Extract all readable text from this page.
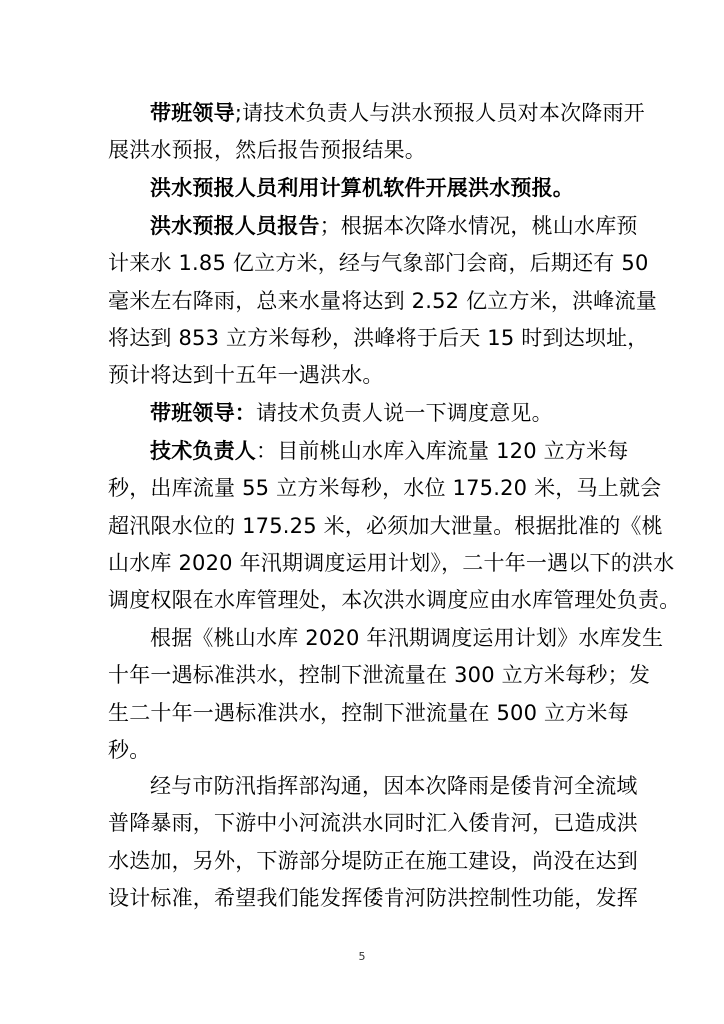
带班领导;请技术负责人与洪水预报人员对本次降雨开
展洪水预报，然后报告预报结果。
洪水预报人员利用计算机软件开展洪水预报。
洪水预报人员报告；根据本次降水情况，桃山水库预
计来水 1.85 亿立方米，经与气象部门会商，后期还有 50
毫米左右降雨，总来水量将达到 2.52 亿立方米，洪峰流量
将达到 853 立方米每秒，洪峰将于后天 15 时到达坝址，
预计将达到十五年一遇洪水。
带班领导：请技术负责人说一下调度意见。
技术负责人：目前桃山水库入库流量 120 立方米每
秒，出库流量 55 立方米每秒，水位 175.20 米，马上就会
超汛限水位的 175.25 米，必须加大泄量。根据批准的《桃
山水库 2020 年汛期调度运用计划》，二十年一遇以下的洪水
调度权限在水库管理处，本次洪水调度应由水库管理处负责。
根据《桃山水库 2020 年汛期调度运用计划》水库发生
十年一遇标准洪水，控制下泄流量在 300 立方米每秒；发
生二十年一遇标准洪水，控制下泄流量在 500 立方米每
秒。
经与市防汛指挥部沟通，因本次降雨是倭肯河全流域
普降暴雨，下游中小河流洪水同时汇入倭肯河，已造成洪
水迭加，另外，下游部分堤防正在施工建设，尚没在达到
设计标准，希望我们能发挥倭肯河防洪控制性功能，发挥
5
